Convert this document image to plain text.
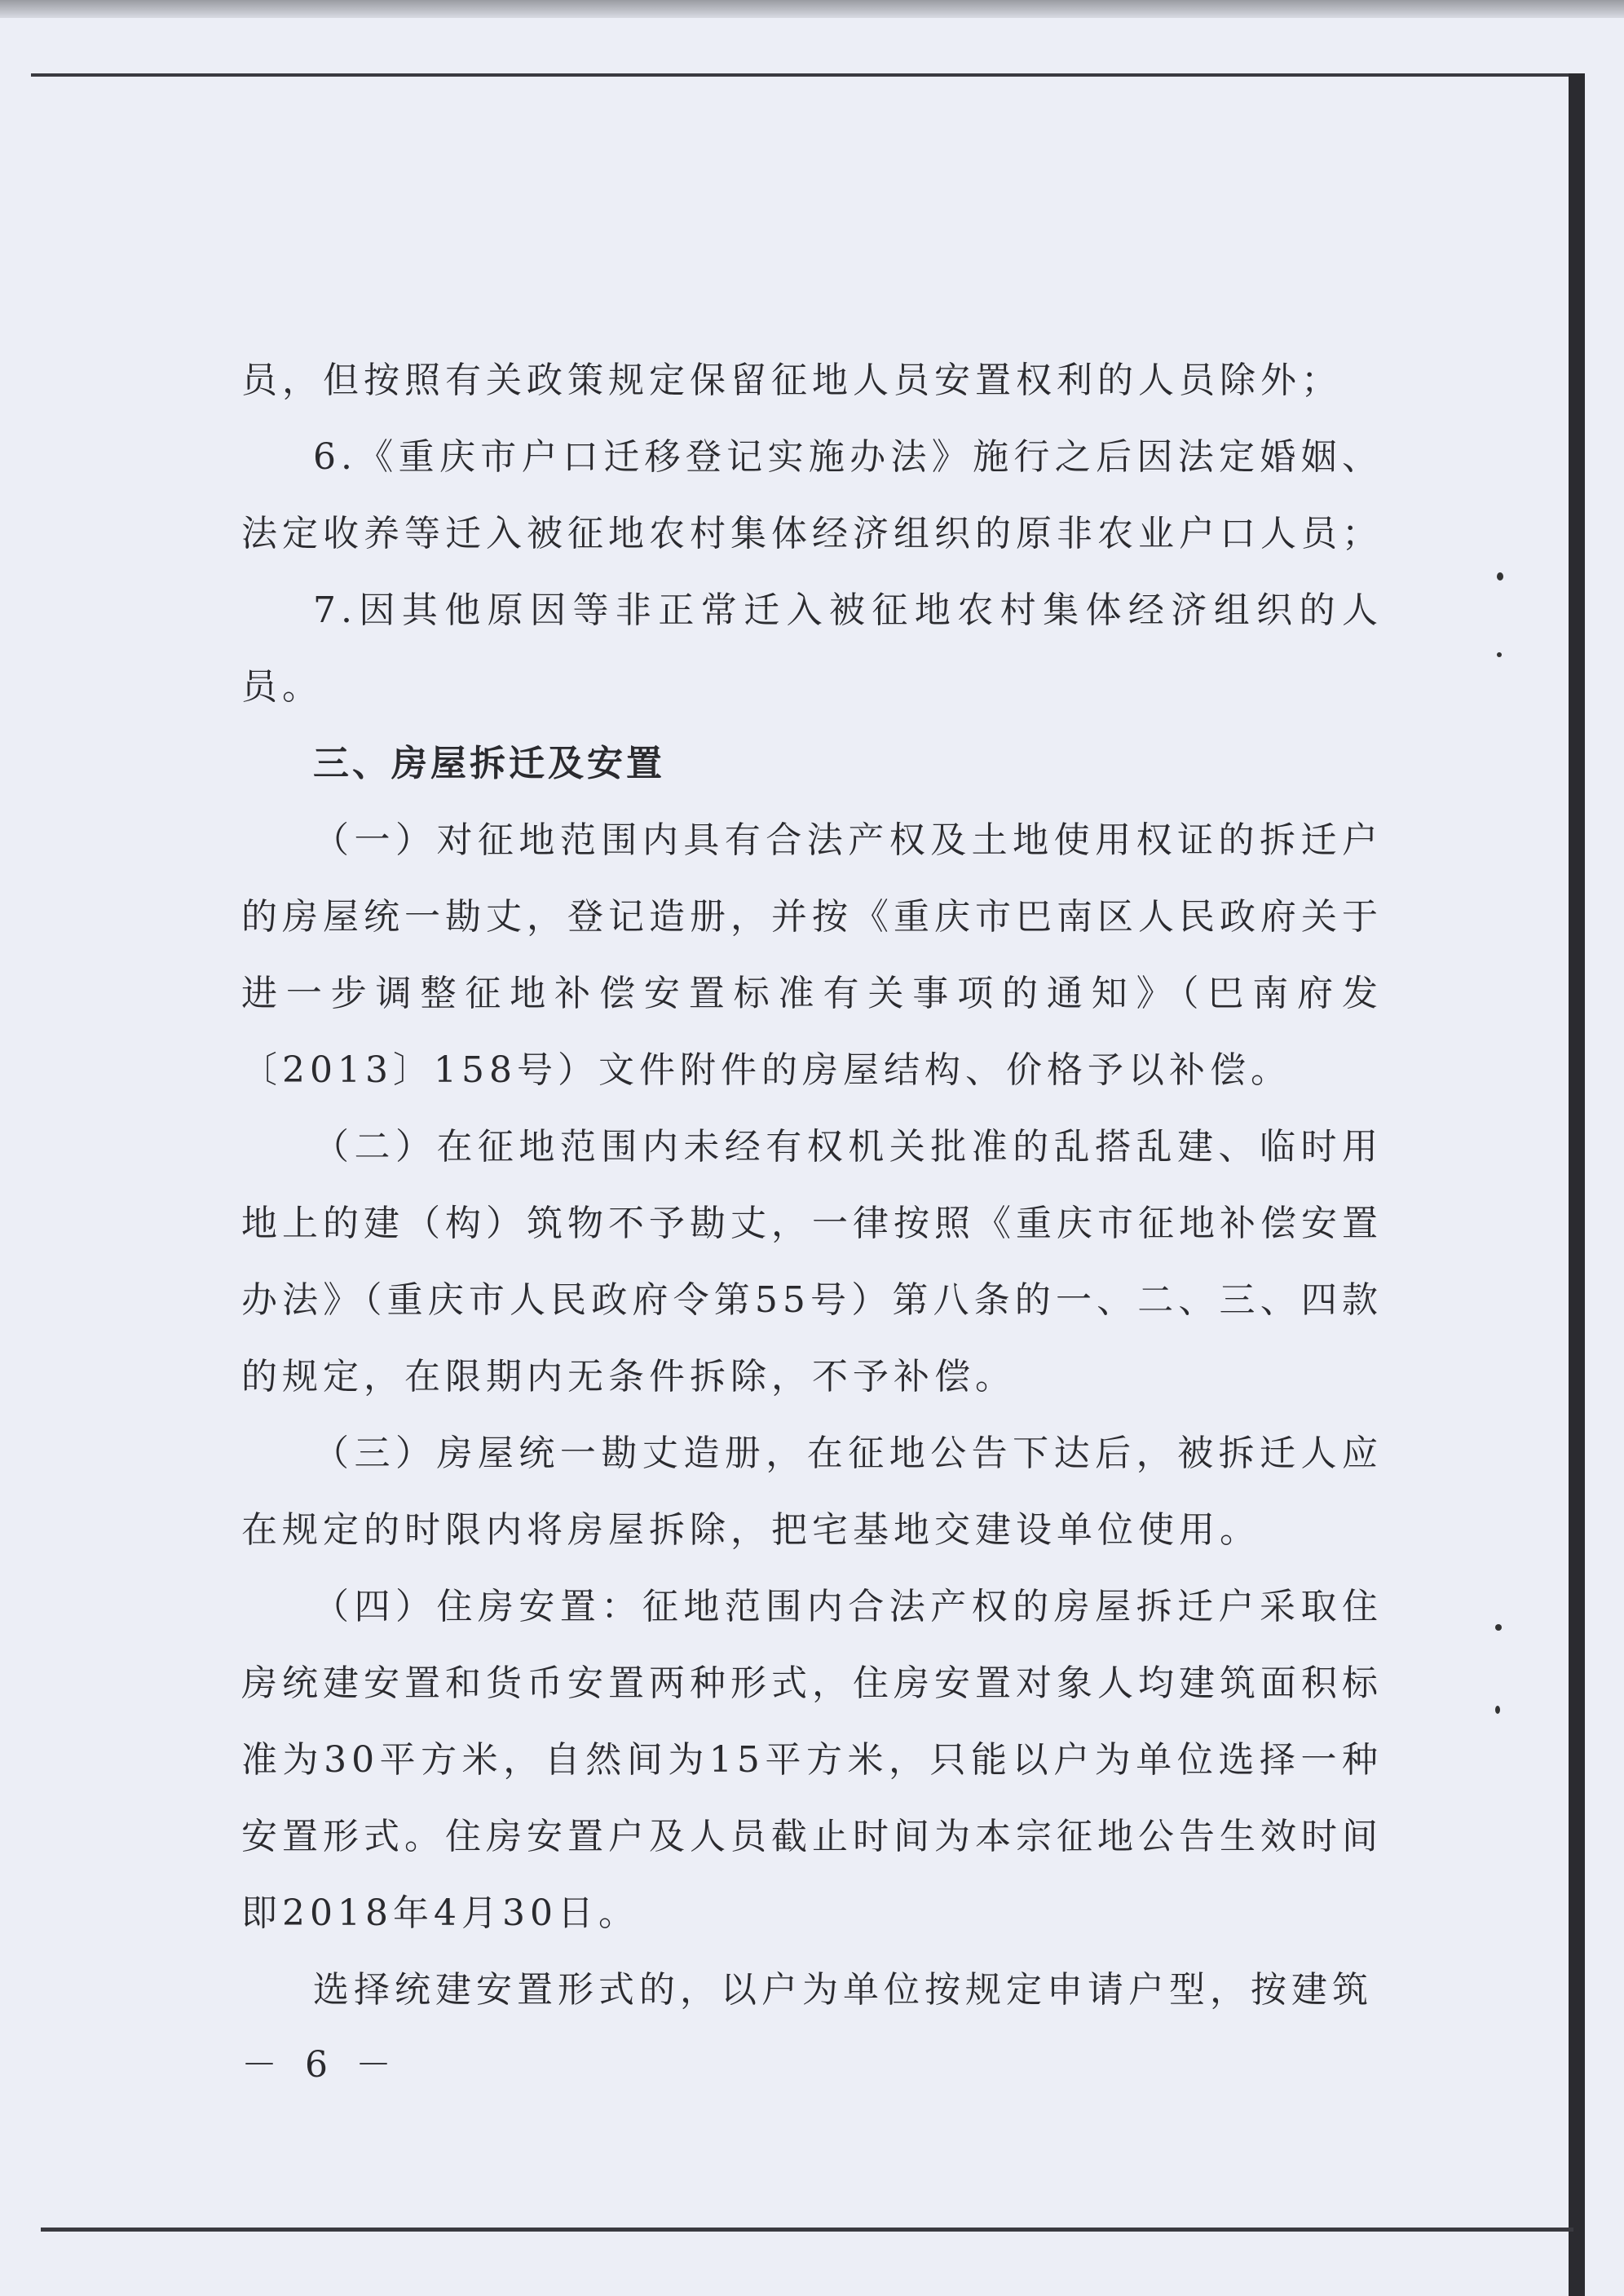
员，但按照有关政策规定保留征地人员安置权利的人员除外；

6.《重庆市户口迁移登记实施办法》施行之后因法定婚姻、法定收养等迁入被征地农村集体经济组织的原非农业户口人员；

7.因其他原因等非正常迁入被征地农村集体经济组织的人员。

三、房屋拆迁及安置

（一）对征地范围内具有合法产权及土地使用权证的拆迁户的房屋统一勘丈，登记造册，并按《重庆市巴南区人民政府关于进一步调整征地补偿安置标准有关事项的通知》（巴南府发〔2013〕158号）文件附件的房屋结构、价格予以补偿。

（二）在征地范围内未经有权机关批准的乱搭乱建、临时用地上的建（构）筑物不予勘丈，一律按照《重庆市征地补偿安置办法》（重庆市人民政府令第55号）第八条的一、二、三、四款的规定，在限期内无条件拆除，不予补偿。

（三）房屋统一勘丈造册，在征地公告下达后，被拆迁人应在规定的时限内将房屋拆除，把宅基地交建设单位使用。

（四）住房安置：征地范围内合法产权的房屋拆迁户采取住房统建安置和货币安置两种形式，住房安置对象人均建筑面积标准为30平方米，自然间为15平方米，只能以户为单位选择一种安置形式。住房安置户及人员截止时间为本宗征地公告生效时间即2018年4月30日。

选择统建安置形式的，以户为单位按规定申请户型，按建筑

－ 6 －
